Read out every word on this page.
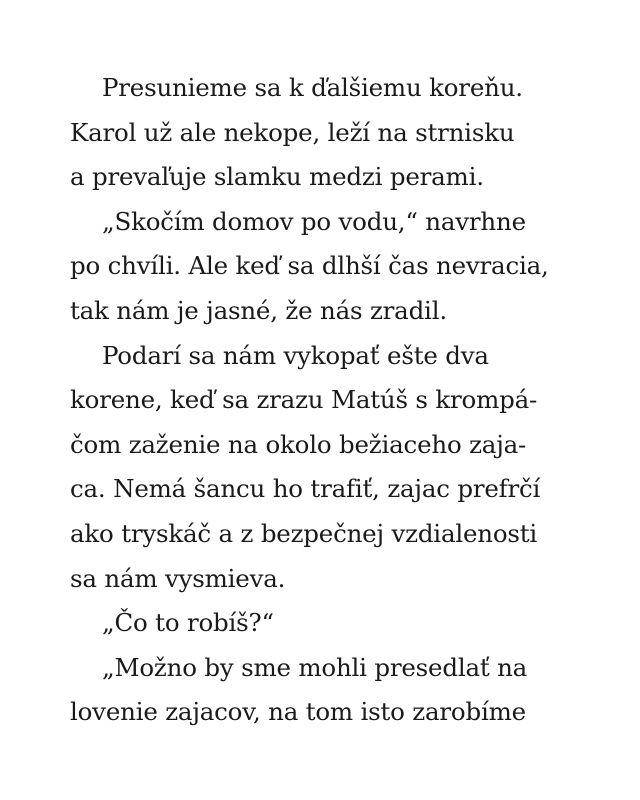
Presunieme sa k ďalšiemu koreňu.
Karol už ale nekope, leží na strnisku
a prevaľuje slamku medzi perami.
„Skočím domov po vodu,“ navrhne
po chvíli. Ale keď sa dlhší čas nevracia,
tak nám je jasné, že nás zradil.
Podarí sa nám vykopať ešte dva
korene, keď sa zrazu Matúš s krompá-
čom zaženie na okolo bežiaceho zaja-
ca. Nemá šancu ho trafiť, zajac prefrčí
ako tryskáč a z bezpečnej vzdialenosti
sa nám vysmieva.
„Čo to robíš?“
„Možno by sme mohli presedlať na
lovenie zajacov, na tom isto zarobíme
